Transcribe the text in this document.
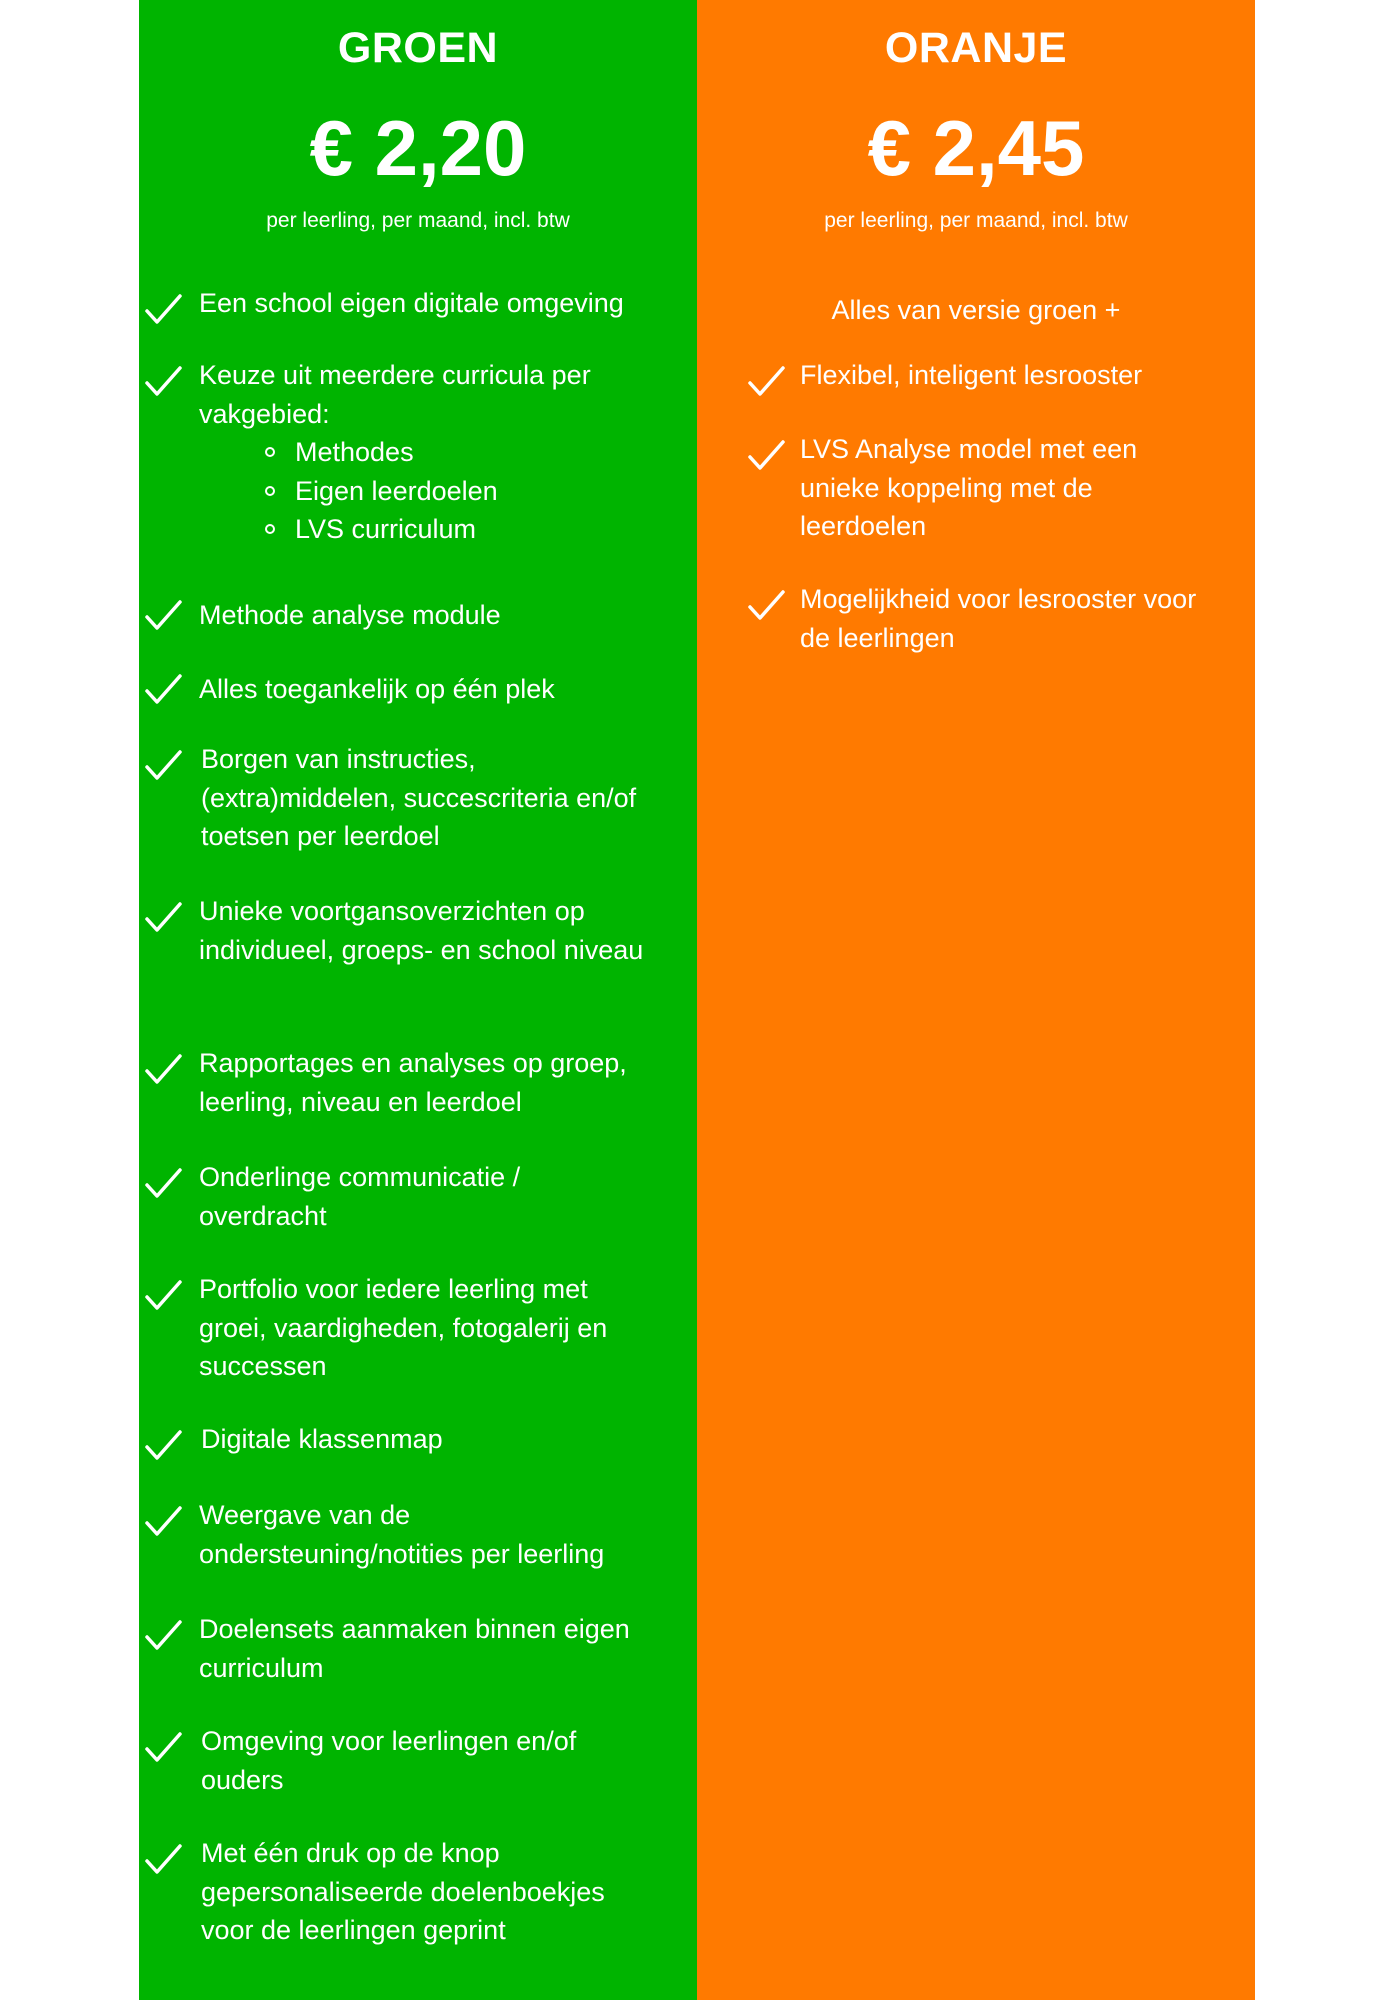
GROEN
€ 2,20
per leerling, per maand, incl. btw
Een school eigen digitale omgeving
Keuze uit meerdere curricula per vakgebied:
Methodes
Eigen leerdoelen
LVS curriculum
Methode analyse module
Alles toegankelijk op één plek
Borgen van instructies, (extra)middelen, succescriteria en/of toetsen per leerdoel
Unieke voortgansoverzichten op individueel, groeps- en school niveau
Rapportages en analyses op groep, leerling, niveau en leerdoel
Onderlinge communicatie / overdracht
Portfolio voor iedere leerling met groei, vaardigheden, fotogalerij en successen
Digitale klassenmap
Weergave van de ondersteuning/notities per leerling
Doelensets aanmaken binnen eigen curriculum
Omgeving voor leerlingen en/of ouders
Met één druk op de knop gepersonaliseerde doelenboekjes voor de leerlingen geprint
ORANJE
€ 2,45
per leerling, per maand, incl. btw
Alles van versie groen +
Flexibel, inteligent lesrooster
LVS Analyse model met een unieke koppeling met de leerdoelen
Mogelijkheid voor lesrooster voor de leerlingen
